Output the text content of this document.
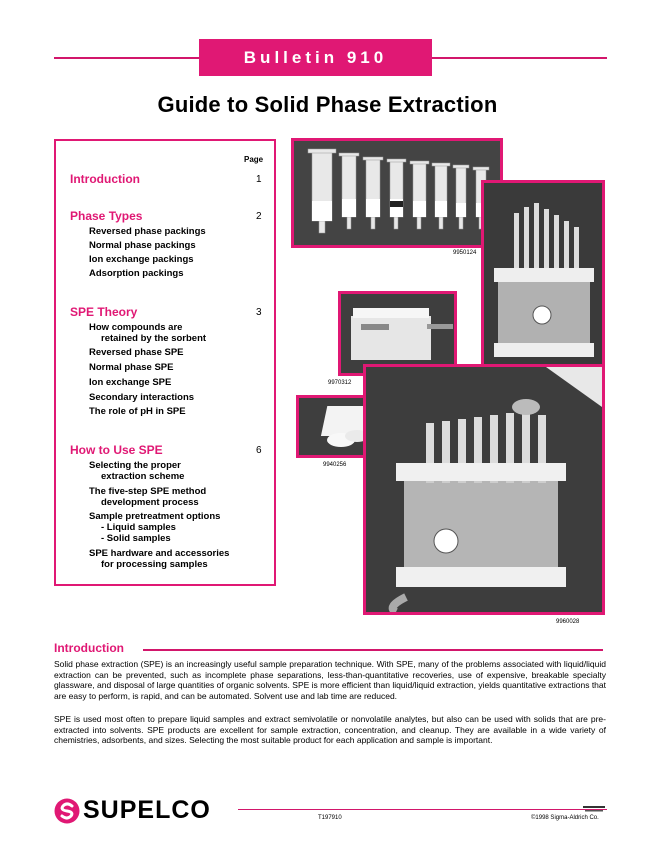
Bulletin 910
Guide to Solid Phase Extraction
Page
Introduction	1
Phase Types	2
Reversed phase packings
Normal phase packings
Ion exchange packings
Adsorption packings
SPE Theory	3
How compounds are
retained by the sorbent
Reversed phase SPE
Normal phase SPE
Ion exchange SPE
Secondary interactions
The role of pH in SPE
How to Use SPE	6
Selecting the proper
extraction scheme
The five-step SPE method
development process
Sample pretreatment options
- Liquid samples
- Solid samples
SPE hardware and accessories
for processing samples
9950124
9970312
9940256
9960028
Introduction
Solid phase extraction (SPE) is an increasingly useful sample preparation technique. With SPE, many of the problems associated with liquid/liquid extraction can be prevented, such as incomplete phase separations, less-than-quantitative recoveries, use of expensive, breakable specialty glassware, and disposal of large quantities of organic solvents. SPE is more efficient than liquid/liquid extraction, yields quantitative extractions that are easy to perform, is rapid, and can be automated. Solvent use and lab time are reduced.
SPE is used most often to prepare liquid samples and extract semivolatile or nonvolatile analytes, but also can be used with solids that are pre-extracted into solvents. SPE products are excellent for sample extraction, concentration, and cleanup. They are available in a wide variety of chemistries, adsorbents, and sizes. Selecting the most suitable product for each application and sample is important.
SUPELCO	T197910	©1998 Sigma-Aldrich Co.
